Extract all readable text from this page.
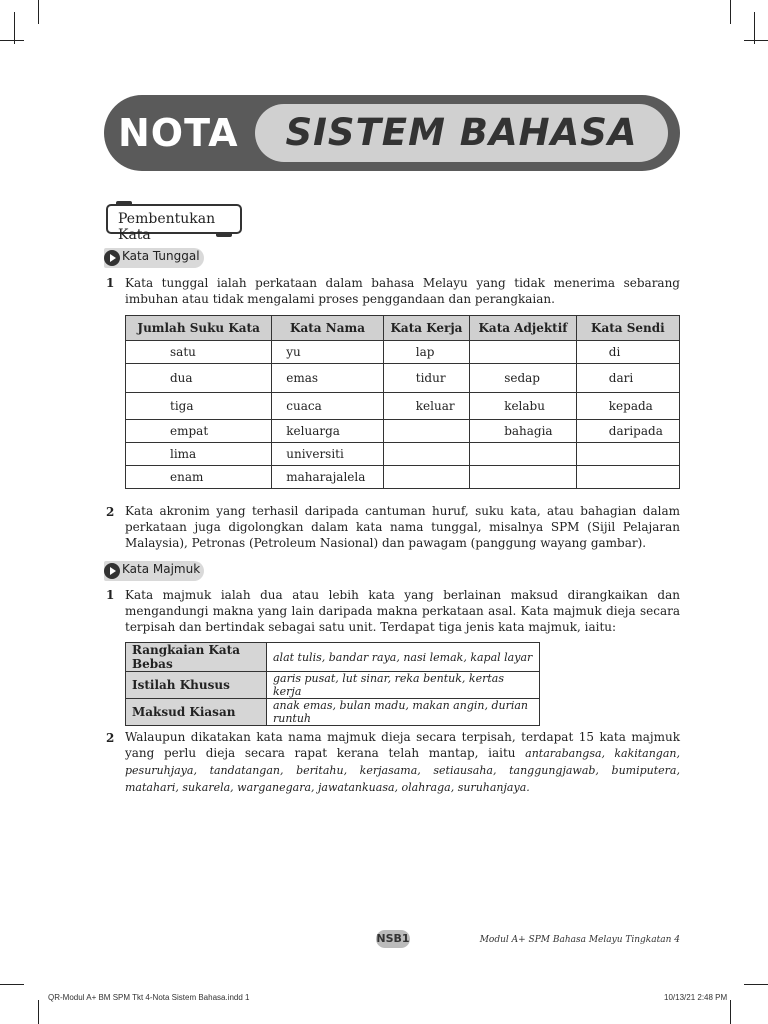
NOTA	SISTEM BAHASA
Pembentukan Kata
Kata Tunggal
1 Kata tunggal ialah perkataan dalam bahasa Melayu yang tidak menerima sebarang imbuhan atau tidak mengalami proses penggandaan dan perangkaian.
Jumlah Suku Kata	Kata Nama	Kata Kerja	Kata Adjektif	Kata Sendi
satu	yu	lap		di
dua	emas	tidur	sedap	dari
tiga	cuaca	keluar	kelabu	kepada
empat	keluarga		bahagia	daripada
lima	universiti			
enam	maharajalela			
2 Kata akronim yang terhasil daripada cantuman huruf, suku kata, atau bahagian dalam perkataan juga digolongkan dalam kata nama tunggal, misalnya SPM (Sijil Pelajaran Malaysia), Petronas (Petroleum Nasional) dan pawagam (panggung wayang gambar).
Kata Majmuk
1 Kata majmuk ialah dua atau lebih kata yang berlainan maksud dirangkaikan dan mengandungi makna yang lain daripada makna perkataan asal. Kata majmuk dieja secara terpisah dan bertindak sebagai satu unit. Terdapat tiga jenis kata majmuk, iaitu:
Rangkaian Kata Bebas	alat tulis, bandar raya, nasi lemak, kapal layar
Istilah Khusus	garis pusat, lut sinar, reka bentuk, kertas kerja
Maksud Kiasan	anak emas, bulan madu, makan angin, durian runtuh
2 Walaupun dikatakan kata nama majmuk dieja secara terpisah, terdapat 15 kata majmuk yang perlu dieja secara rapat kerana telah mantap, iaitu antarabangsa, kakitangan, pesuruhjaya, tandatangan, beritahu, kerjasama, setiausaha, tanggungjawab, bumiputera, matahari, sukarela, warganegara, jawatankuasa, olahraga, suruhanjaya.
NSB1	Modul A+ SPM Bahasa Melayu Tingkatan 4
QR-Modul A+ BM SPM Tkt 4-Nota Sistem Bahasa.indd 1	10/13/21 2:48 PM
